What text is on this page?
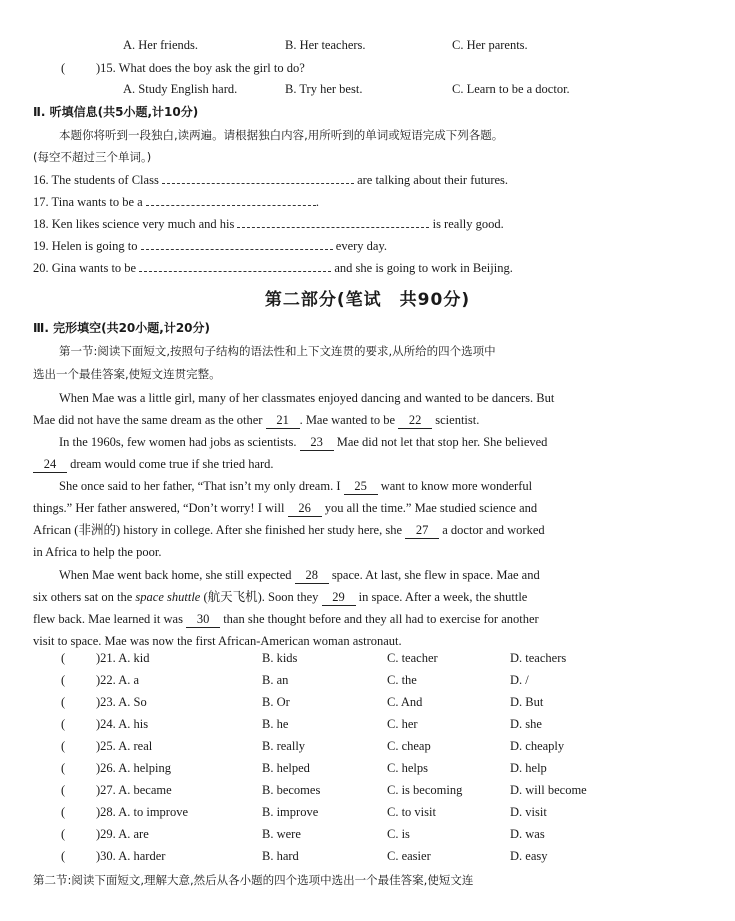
A. Her friends.	B. Her teachers.	C. Her parents.
( )15. What does the boy ask the girl to do?
A. Study English hard.	B. Try her best.	C. Learn to be a doctor.
Ⅱ. 听填信息(共5小题,计10分)
本题你将听到一段独白,读两遍。请根据独白内容,用所听到的单词或短语完成下列各题。
(每空不超过三个单词。)
16. The students of Class	are talking about their futures.
17. Tina wants to be a	.
18. Ken likes science very much and his	is really good.
19. Helen is going to	every day.
20. Gina wants to be	and she is going to work in Beijing.
第二部分(笔试　共90分)
Ⅲ. 完形填空(共20小题,计20分)
第一节:阅读下面短文,按照句子结构的语法性和上下文连贯的要求,从所给的四个选项中
选出一个最佳答案,使短文连贯完整。
When Mae was a little girl, many of her classmates enjoyed dancing and wanted to be dancers. But
Mae did not have the same dream as the other 21 . Mae wanted to be 22 scientist.
In the 1960s, few women had jobs as scientists. 23 Mae did not let that stop her. She believed
24 dream would come true if she tried hard.
She once said to her father, “That isn’t my only dream. I 25 want to know more wonderful
things.” Her father answered, “Don’t worry! I will 26 you all the time.” Mae studied science and
African (非洲的) history in college. After she finished her study here, she 27 a doctor and worked
in Africa to help the poor.
When Mae went back home, she still expected 28 space. At last, she flew in space. Mae and
six others sat on the space shuttle (航天飞机). Soon they 29 in space. After a week, the shuttle
flew back. Mae learned it was 30 than she thought before and they all had to exercise for another
visit to space. Mae was now the first African-American woman astronaut.
( )21. A. kid	B. kids	C. teacher	D. teachers
( )22. A. a	B. an	C. the	D. /
( )23. A. So	B. Or	C. And	D. But
( )24. A. his	B. he	C. her	D. she
( )25. A. real	B. really	C. cheap	D. cheaply
( )26. A. helping	B. helped	C. helps	D. help
( )27. A. became	B. becomes	C. is becoming	D. will become
( )28. A. to improve	B. improve	C. to visit	D. visit
( )29. A. are	B. were	C. is	D. was
( )30. A. harder	B. hard	C. easier	D. easy
第二节:阅读下面短文,理解大意,然后从各小题的四个选项中选出一个最佳答案,使短文连
